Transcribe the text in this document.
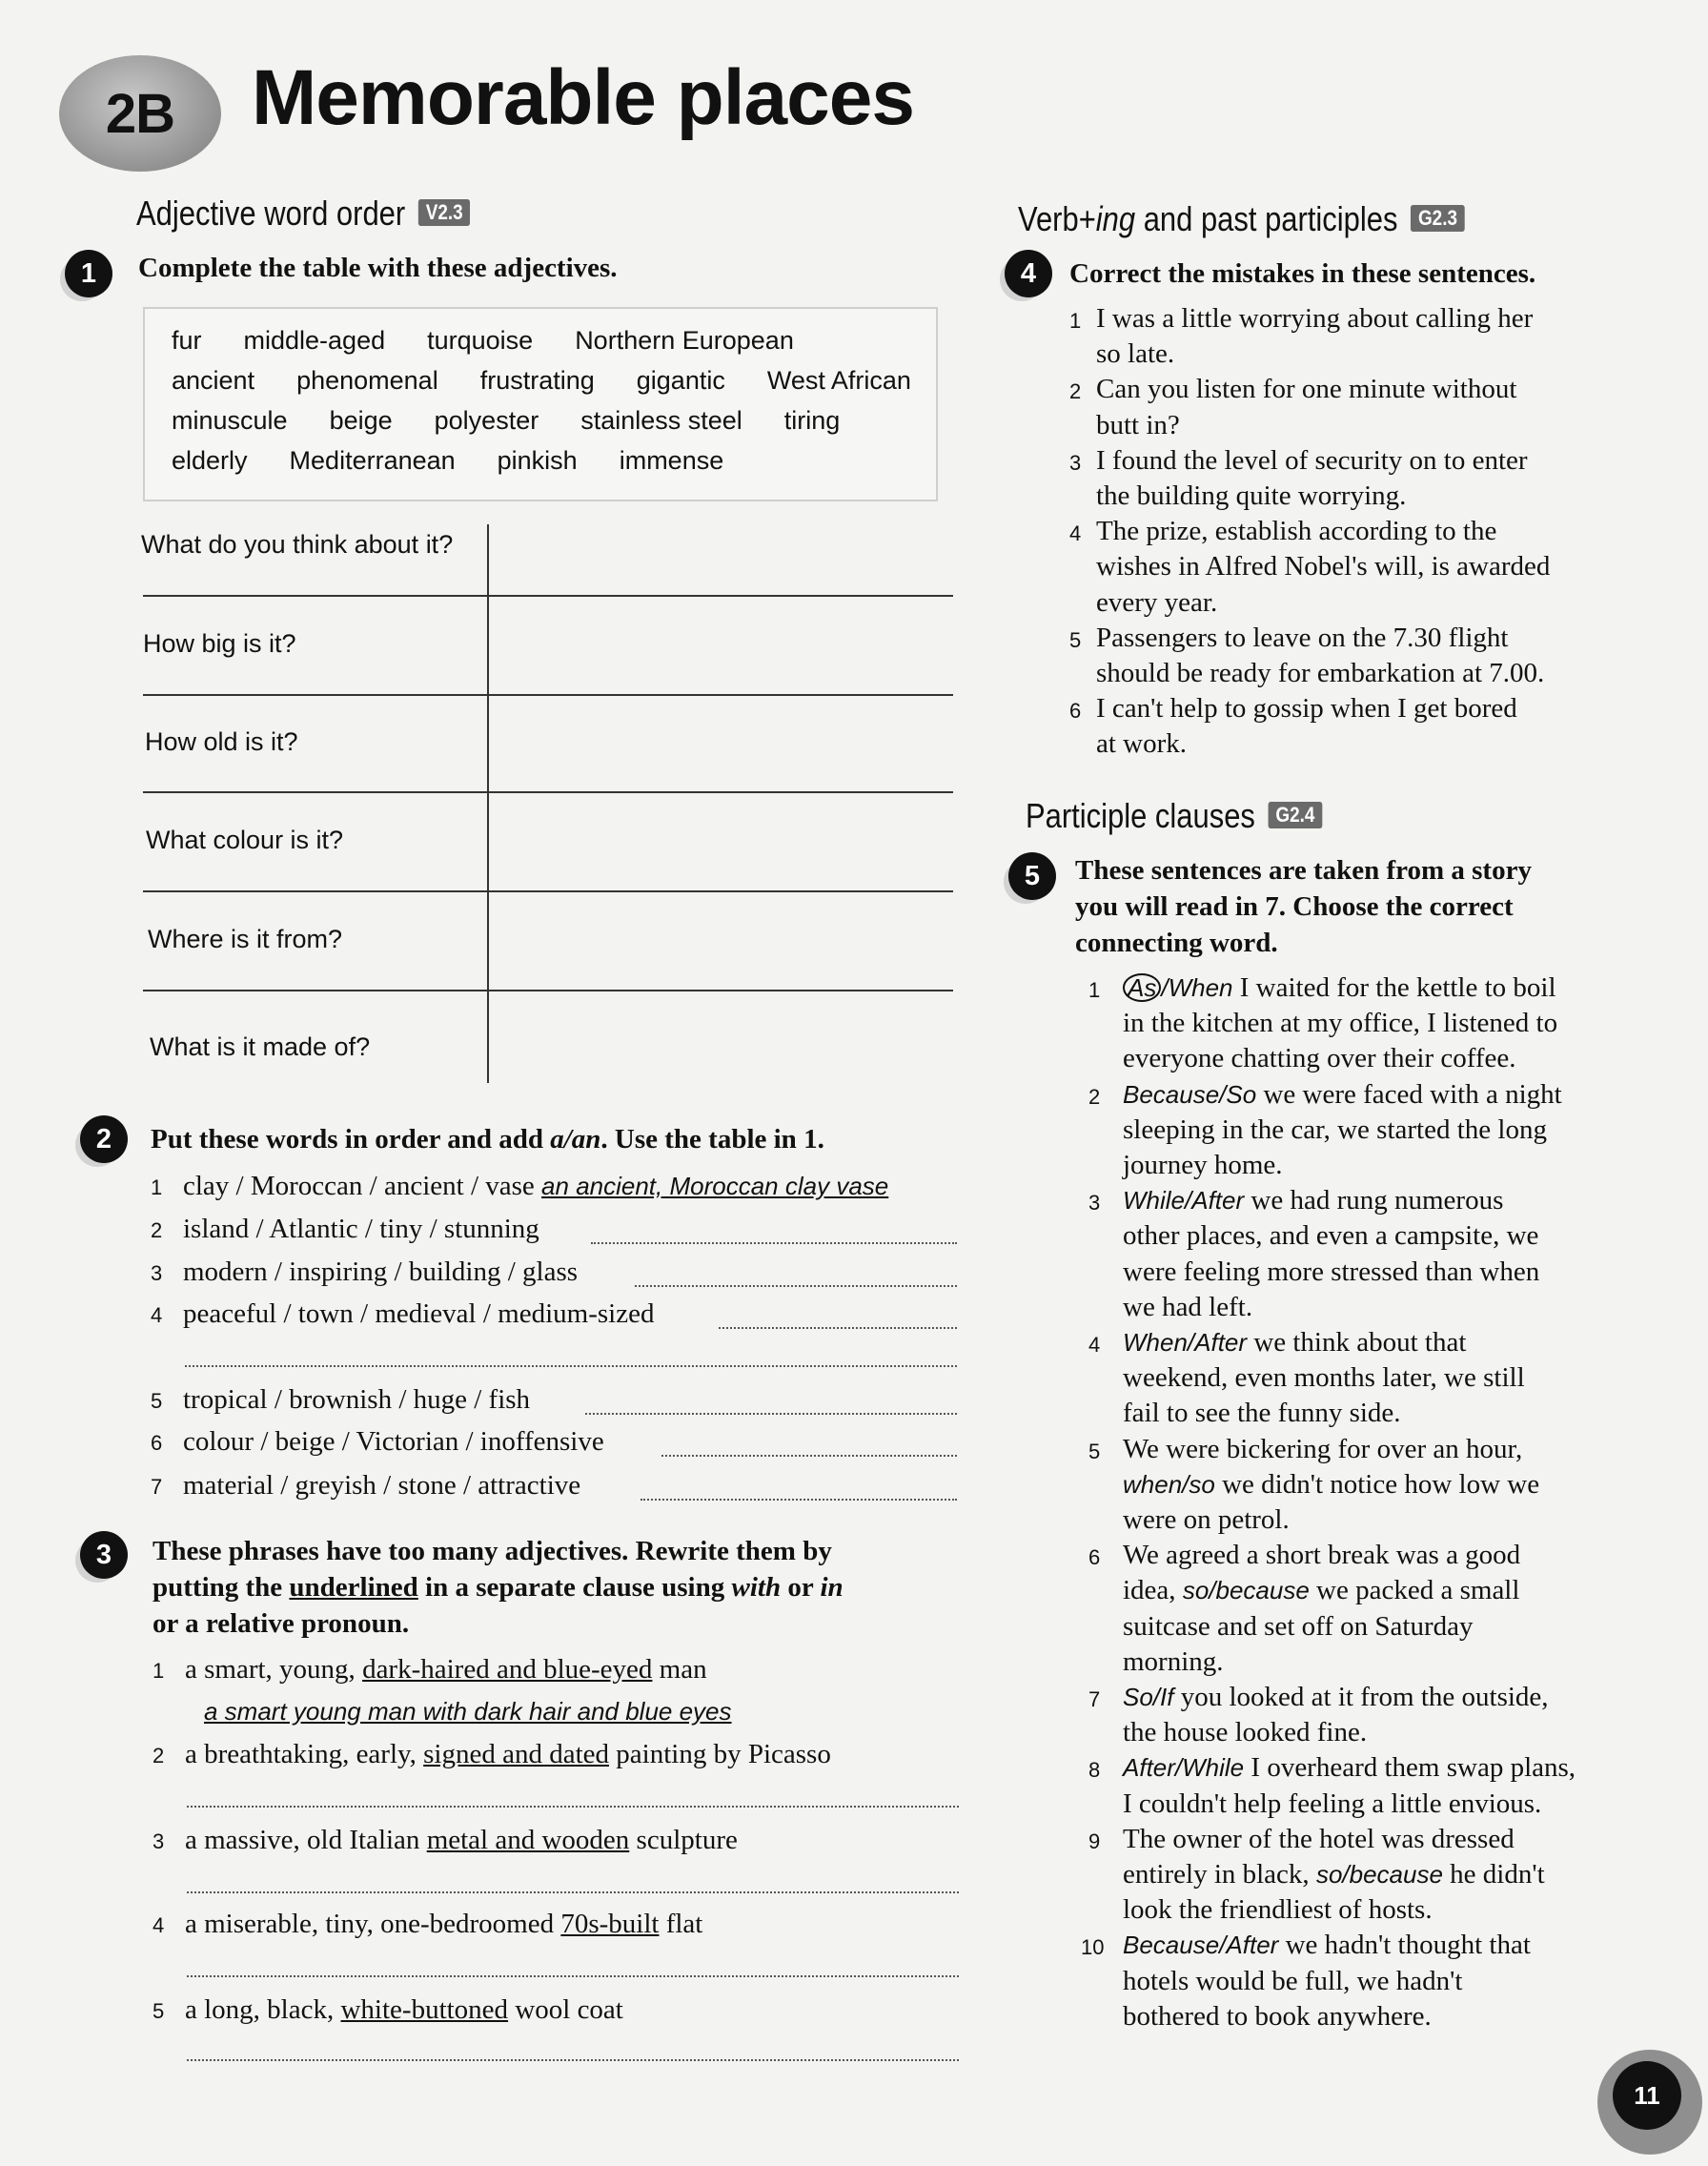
2B Memorable places
Adjective word order V2.3
1	Complete the table with these adjectives.
fur middle-aged turquoise Northern European
ancient phenomenal frustrating gigantic West African
minuscule beige polyester stainless steel tiring
elderly Mediterranean pinkish immense
What do you think about it?
How big is it?
How old is it?
What colour is it?
Where is it from?
What is it made of?
2	Put these words in order and add a/an. Use the table in 1.
1 clay / Moroccan / ancient / vase an ancient, Moroccan clay vase
2 island / Atlantic / tiny / stunning
3 modern / inspiring / building / glass
4 peaceful / town / medieval / medium-sized
5 tropical / brownish / huge / fish
6 colour / beige / Victorian / inoffensive
7 material / greyish / stone / attractive
3	These phrases have too many adjectives. Rewrite them by
putting the underlined in a separate clause using with or in
or a relative pronoun.
1 a smart, young, dark-haired and blue-eyed man
a smart young man with dark hair and blue eyes
2 a breathtaking, early, signed and dated painting by Picasso
3 a massive, old Italian metal and wooden sculpture
4 a miserable, tiny, one-bedroomed 70s-built flat
5 a long, black, white-buttoned wool coat
Verb+ing and past participles G2.3
4	Correct the mistakes in these sentences.
1 I was a little worrying about calling her
so late.
2 Can you listen for one minute without
butt in?
3 I found the level of security on to enter
the building quite worrying.
4 The prize, establish according to the
wishes in Alfred Nobel's will, is awarded
every year.
5 Passengers to leave on the 7.30 flight
should be ready for embarkation at 7.00.
6 I can't help to gossip when I get bored
at work.
Participle clauses G2.4
5	These sentences are taken from a story
you will read in 7. Choose the correct
connecting word.
1 As /When I waited for the kettle to boil
in the kitchen at my office, I listened to
everyone chatting over their coffee.
2 Because/So we were faced with a night
sleeping in the car, we started the long
journey home.
3 While/After we had rung numerous
other places, and even a campsite, we
were feeling more stressed than when
we had left.
4 When/After we think about that
weekend, even months later, we still
fail to see the funny side.
5 We were bickering for over an hour,
when/so we didn't notice how low we
were on petrol.
6 We agreed a short break was a good
idea, so/because we packed a small
suitcase and set off on Saturday
morning.
7 So/If you looked at it from the outside,
the house looked fine.
8 After/While I overheard them swap plans,
I couldn't help feeling a little envious.
9 The owner of the hotel was dressed
entirely in black, so/because he didn't
look the friendliest of hosts.
10 Because/After we hadn't thought that
hotels would be full, we hadn't
bothered to book anywhere.
11
